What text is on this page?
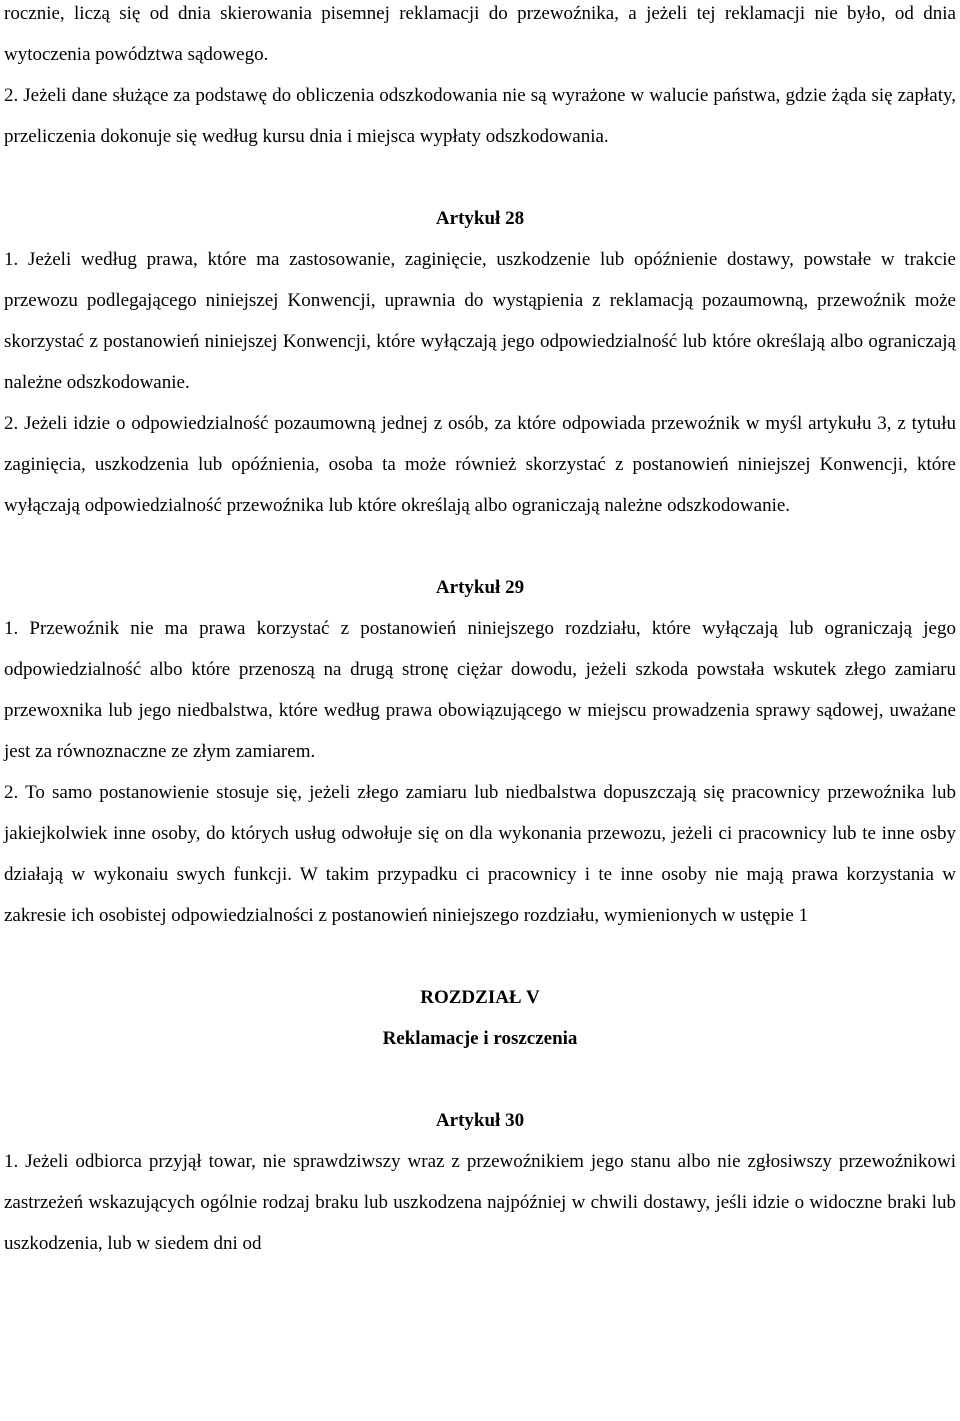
rocznie, liczą się od dnia skierowania pisemnej reklamacji do przewoźnika, a jeżeli tej reklamacji nie było, od dnia wytoczenia powództwa sądowego.

2. Jeżeli dane służące za podstawę do obliczenia odszkodowania nie są wyrażone w walucie państwa, gdzie żąda się zapłaty, przeliczenia dokonuje się według kursu dnia i miejsca wypłaty odszkodowania.

Artykuł 28

1. Jeżeli według prawa, które ma zastosowanie, zaginięcie, uszkodzenie lub opóźnienie dostawy, powstałe w trakcie przewozu podlegającego niniejszej Konwencji, uprawnia do wystąpienia z reklamacją pozaumowną, przewoźnik może skorzystać z postanowień niniejszej Konwencji, które wyłączają jego odpowiedzialność lub które określają albo ograniczają należne odszkodowanie.

2. Jeżeli idzie o odpowiedzialność pozaumowną jednej z osób, za które odpowiada przewoźnik w myśl artykułu 3, z tytułu zaginięcia, uszkodzenia lub opóźnienia, osoba ta może również skorzystać z postanowień niniejszej Konwencji, które wyłączają odpowiedzialność przewoźnika lub które określają albo ograniczają należne odszkodowanie.

Artykuł 29

1. Przewoźnik nie ma prawa korzystać z postanowień niniejszego rozdziału, które wyłączają lub ograniczają jego odpowiedzialność albo które przenoszą na drugą stronę ciężar dowodu, jeżeli szkoda powstała wskutek złego zamiaru przewoxnika lub jego niedbalstwa, które według prawa obowiązującego w miejscu prowadzenia sprawy sądowej, uważane jest za równoznaczne ze złym zamiarem.

2. To samo postanowienie stosuje się, jeżeli złego zamiaru lub niedbalstwa dopuszczają się pracownicy przewoźnika lub jakiejkolwiek inne osoby, do których usług odwołuje się on dla wykonania przewozu, jeżeli ci pracownicy lub te inne osby działają w wykonaiu swych funkcji. W takim przypadku ci pracownicy i te inne osoby nie mają prawa korzystania w zakresie ich osobistej odpowiedzialności z postanowień niniejszego rozdziału, wymienionych w ustępie 1

ROZDZIAŁ V

Reklamacje i roszczenia

Artykuł 30

1. Jeżeli odbiorca przyjął towar, nie sprawdziwszy wraz z przewoźnikiem jego stanu albo nie zgłosiwszy przewoźnikowi zastrzeżeń wskazujących ogólnie rodzaj braku lub uszkodzena najpóźniej w chwili dostawy, jeśli idzie o widoczne braki lub uszkodzenia, lub w siedem dni od
